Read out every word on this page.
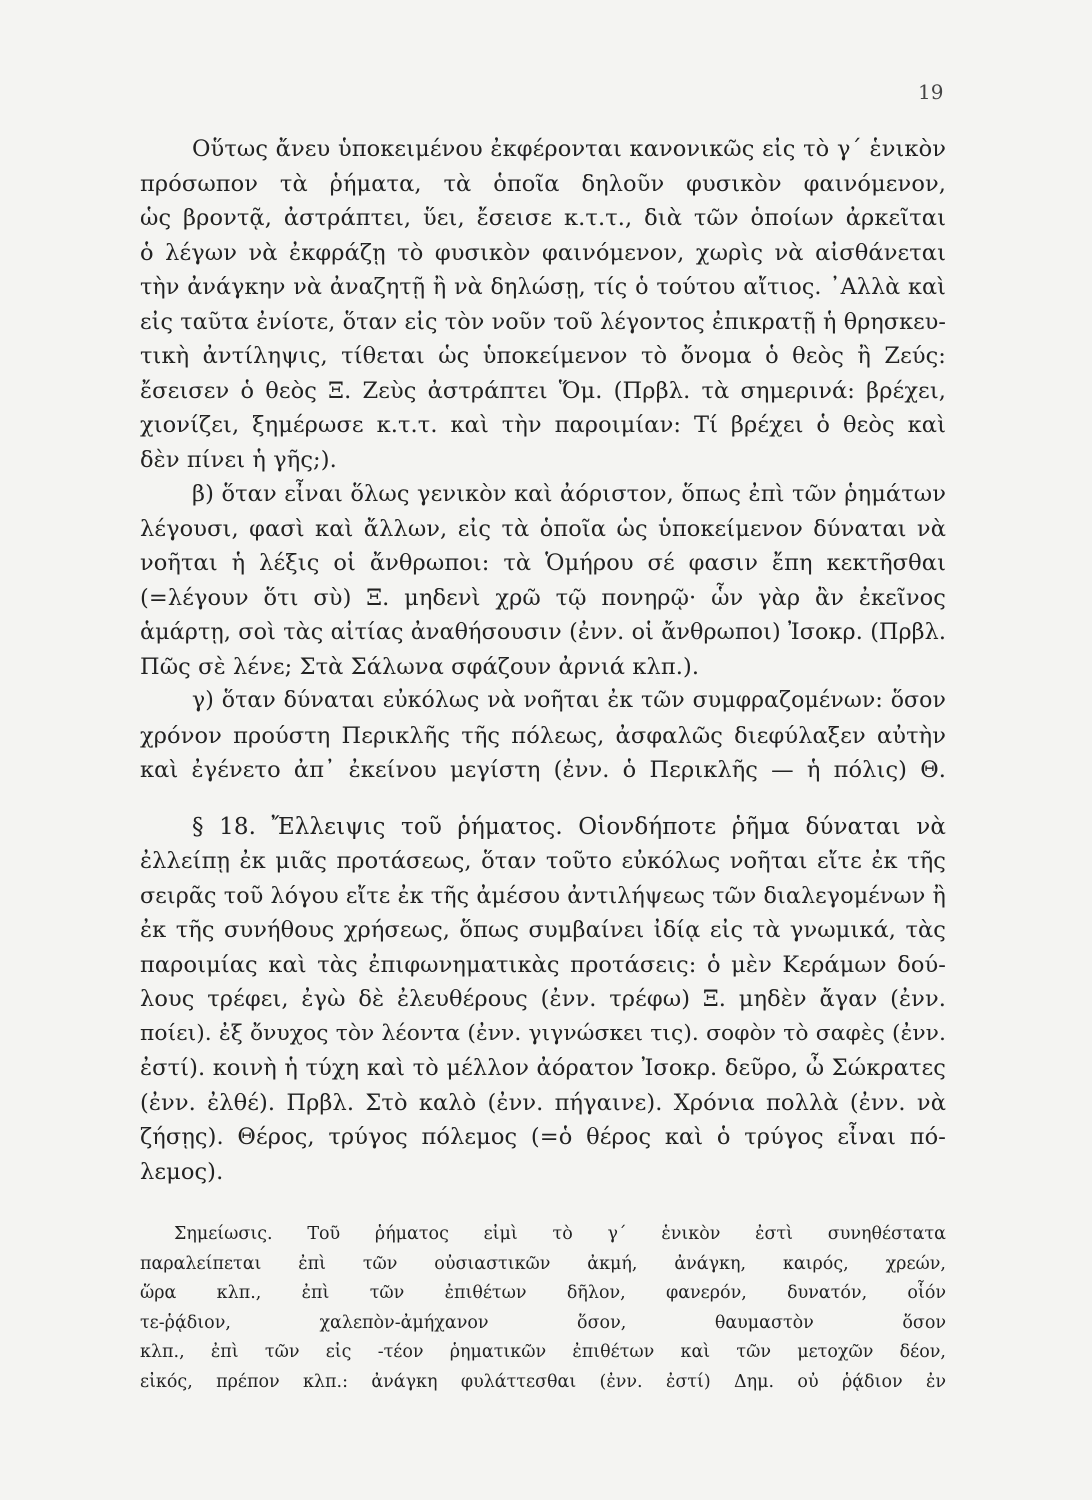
19
Οὕτως ἄνευ ὑποκειμένου ἐκφέρονται κανονικῶς εἰς τὸ γ΄ ἑνικὸν
πρόσωπον τὰ ῥήματα, τὰ ὁποῖα δηλοῦν φυσικὸν φαινόμενον,
ὡς βροντᾷ, ἀστράπτει, ὕει, ἔσεισε κ.τ.τ., διὰ τῶν ὁποίων ἀρκεῖται
ὁ λέγων νὰ ἐκφράζῃ τὸ φυσικὸν φαινόμενον, χωρὶς νὰ αἰσθάνεται
τὴν ἀνάγκην νὰ ἀναζητῇ ἢ νὰ δηλώσῃ, τίς ὁ τούτου αἴτιος. ᾿Αλλὰ καὶ
εἰς ταῦτα ἐνίοτε, ὅταν εἰς τὸν νοῦν τοῦ λέγοντος ἐπικρατῇ ἡ θρησκευ-
τικὴ ἀντίληψις, τίθεται ὡς ὑποκείμενον τὸ ὄνομα ὁ θεὸς ἢ Ζεύς:
ἔσεισεν ὁ θεὸς Ξ. Ζεὺς ἀστράπτει Ὅμ. (Πρβλ. τὰ σημερινά: βρέχει,
χιονίζει, ξημέρωσε κ.τ.τ. καὶ τὴν παροιμίαν: Τί βρέχει ὁ θεὸς καὶ
δὲν πίνει ἡ γῆς;).
β) ὅταν εἶναι ὅλως γενικὸν καὶ ἀόριστον, ὅπως ἐπὶ τῶν ῥημάτων
λέγουσι, φασὶ καὶ ἄλλων, εἰς τὰ ὁποῖα ὡς ὑποκείμενον δύναται νὰ
νοῆται ἡ λέξις οἱ ἄνθρωποι: τὰ Ὁμήρου σέ φασιν ἔπη κεκτῆσθαι
(=λέγουν ὅτι σὺ) Ξ. μηδενὶ χρῶ τῷ πονηρῷ· ὧν γὰρ ἂν ἐκεῖνος
ἁμάρτῃ, σοὶ τὰς αἰτίας ἀναθήσουσιν (ἐνν. οἱ ἄνθρωποι) Ἰσοκρ. (Πρβλ.
Πῶς σὲ λένε; Στὰ Σάλωνα σφάζουν ἀρνιά κλπ.).
γ) ὅταν δύναται εὐκόλως νὰ νοῆται ἐκ τῶν συμφραζομένων: ὅσον
χρόνον προύστη Περικλῆς τῆς πόλεως, ἀσφαλῶς διεφύλαξεν αὐτὴν
καὶ ἐγένετο ἀπ᾿ ἐκείνου μεγίστη (ἐνν. ὁ Περικλῆς — ἡ πόλις) Θ.
§ 18. Ἔλλειψις τοῦ ῥήματος. Οἱονδήποτε ῥῆμα δύναται νὰ
ἐλλείπῃ ἐκ μιᾶς προτάσεως, ὅταν τοῦτο εὐκόλως νοῆται εἴτε ἐκ τῆς
σειρᾶς τοῦ λόγου εἴτε ἐκ τῆς ἀμέσου ἀντιλήψεως τῶν διαλεγομένων ἢ
ἐκ τῆς συνήθους χρήσεως, ὅπως συμβαίνει ἰδίᾳ εἰς τὰ γνωμικά, τὰς
παροιμίας καὶ τὰς ἐπιφωνηματικὰς προτάσεις: ὁ μὲν Κεράμων δού-
λους τρέφει, ἐγὼ δὲ ἐλευθέρους (ἐνν. τρέφω) Ξ. μηδὲν ἄγαν (ἐνν.
ποίει). ἐξ ὄνυχος τὸν λέοντα (ἐνν. γιγνώσκει τις). σοφὸν τὸ σαφὲς (ἐνν.
ἐστί). κοινὴ ἡ τύχη καὶ τὸ μέλλον ἀόρατον Ἰσοκρ. δεῦρο, ὦ Σώκρατες
(ἐνν. ἐλθέ). Πρβλ. Στὸ καλὸ (ἐνν. πήγαινε). Χρόνια πολλὰ (ἐνν. νὰ
ζήσῃς). Θέρος, τρύγος πόλεμος (=ὁ θέρος καὶ ὁ τρύγος εἶναι πό-
λεμος).
Σημείωσις. Τοῦ ῥήματος εἰμὶ τὸ γ΄ ἑνικὸν ἐστὶ συνηθέστατα
παραλείπεται ἐπὶ τῶν οὐσιαστικῶν ἀκμή, ἀνάγκη, καιρός, χρεών,
ὥρα κλπ., ἐπὶ τῶν ἐπιθέτων δῆλον, φανερόν, δυνατόν, οἷόν
τε-ῥᾴδιον, χαλεπὸν-ἀμήχανον ὅσον, θαυμαστὸν ὅσον
κλπ., ἐπὶ τῶν εἰς -τέον ῥηματικῶν ἐπιθέτων καὶ τῶν μετοχῶν δέον,
εἰκός, πρέπον κλπ.: ἀνάγκη φυλάττεσθαι (ἐνν. ἐστί) Δημ. οὐ ῥᾴδιον ἐν
